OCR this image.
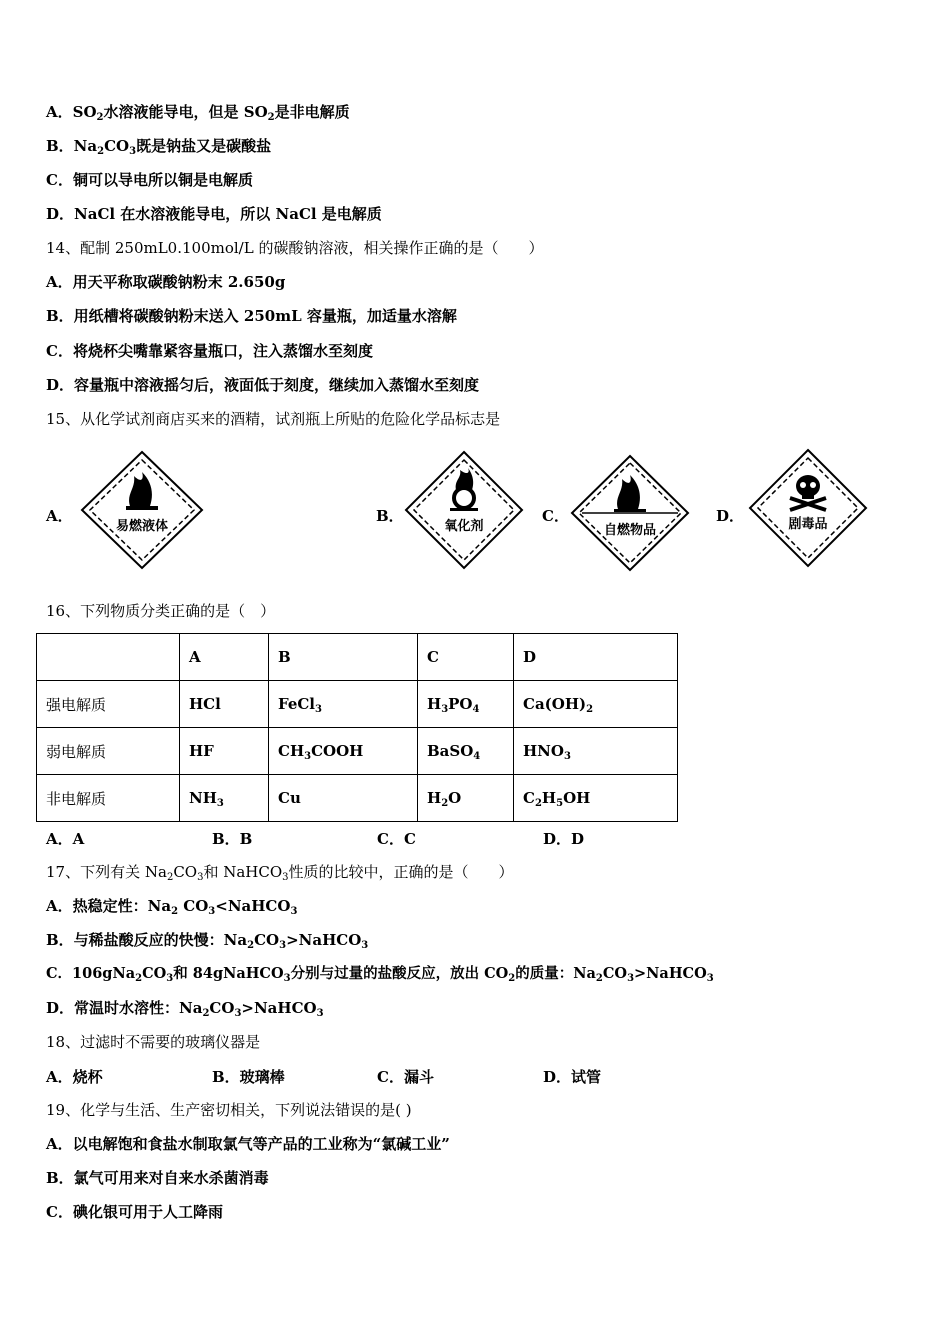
A．$SO_2$水溶液能导电，但是 $SO_2$是非电解质
B．$Na_2CO_3$既是钠盐又是碳酸盐
C．铜可以导电所以铜是电解质
D．NaCl 在水溶液能导电，所以 NaCl 是电解质
14、配制 250mL0.100mol/L 的碳酸钠溶液，相关操作正确的是（　　）
A．用天平称取碳酸钠粉末 2.650g
B．用纸槽将碳酸钠粉末送入 250mL 容量瓶，加适量水溶解
C．将烧杯尖嘴靠紧容量瓶口，注入蒸馏水至刻度
D．容量瓶中溶液摇匀后，液面低于刻度，继续加入蒸馏水至刻度
15、从化学试剂商店买来的酒精，试剂瓶上所贴的危险化学品标志是
A．
易燃液体
B．
氧化剂
C．
自燃物品
D．	剧毒品
16、下列物质分类正确的是（　）
	A	B	C	D
强电解质	HCl	FeCl$_3$	$H_3PO_4$	$Ca(OH)_2$
弱电解质	HF	$CH_3COOH$	BaSO$_4$	$HNO_3$
非电解质	$NH_3$	Cu	$H_2O$	$C_2H_5OH$
A．A	B．B	C．C	D．D
17、下列有关 $Na_2CO_3$和 NaHCO$_3$性质的比较中，正确的是（　　）
A．热稳定性：$Na_2$ $CO_3<NaHCO_3$
B．与稀盐酸反应的快慢：$Na_2CO_3>NaHCO_3$
C．$106gNa_2CO_3$和 84gNaHCO$_3$分别与过量的盐酸反应，放出 $CO_2$的质量：$Na_2CO_3>NaHCO_3$
D．常温时水溶性：$Na_2CO_3>NaHCO_3$
18、过滤时不需要的玻璃仪器是
A．烧杯	B．玻璃棒	C．漏斗	D．试管
19、化学与生活、生产密切相关，下列说法错误的是( )
A．以电解饱和食盐水制取氯气等产品的工业称为“氯碱工业”
B．氯气可用来对自来水杀菌消毒
C．碘化银可用于人工降雨
